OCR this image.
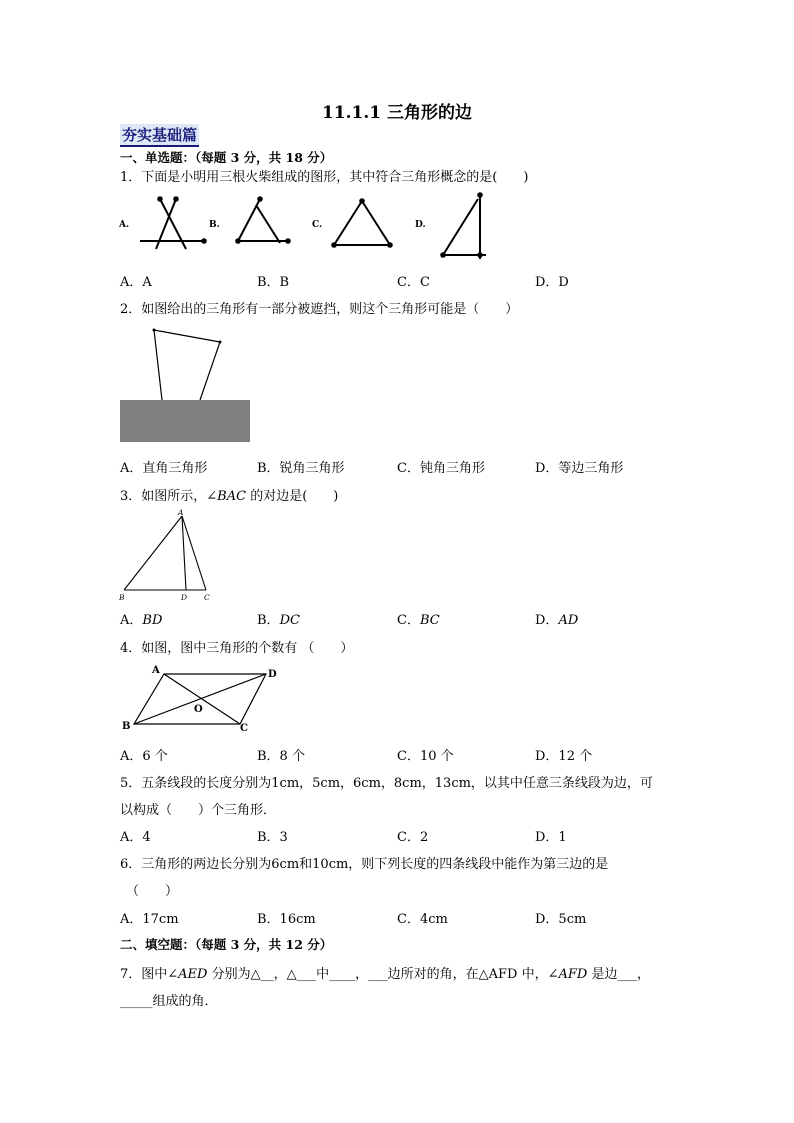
11.1.1 三角形的边
夯实基础篇
一、单选题：（每题 3 分，共 18 分）
1．下面是小明用三根火柴组成的图形，其中符合三角形概念的是(　　)
A.	B.	C.	D.
A．A	B．B	C．C	D．D
2．如图给出的三角形有一部分被遮挡，则这个三角形可能是（　　）
A．直角三角形	B．锐角三角形	C．钝角三角形	D．等边三角形
3．如图所示，∠BAC 的对边是(　　)
A
B	D C
A．BD	B．DC	C．BC	D．AD
4．如图，图中三角形的个数有 （　　）
A	D
O
B	C
A．6 个	B．8 个	C．10 个	D．12 个
5．五条线段的长度分别为1cm，5cm，6cm，8cm，13cm，以其中任意三条线段为边，可
以构成（　　）个三角形．
A．4	B．3	C．2	D．1
6．三角形的两边长分别为6cm和10cm，则下列长度的四条线段中能作为第三边的是
（　　）
A．17cm	B．16cm	C．4cm	D．5cm
二、填空题：（每题 3 分，共 12 分）
7．图中∠AED 分别为△__，△___中____，___边所对的角，在△AFD 中，∠AFD 是边___，
_____组成的角．
